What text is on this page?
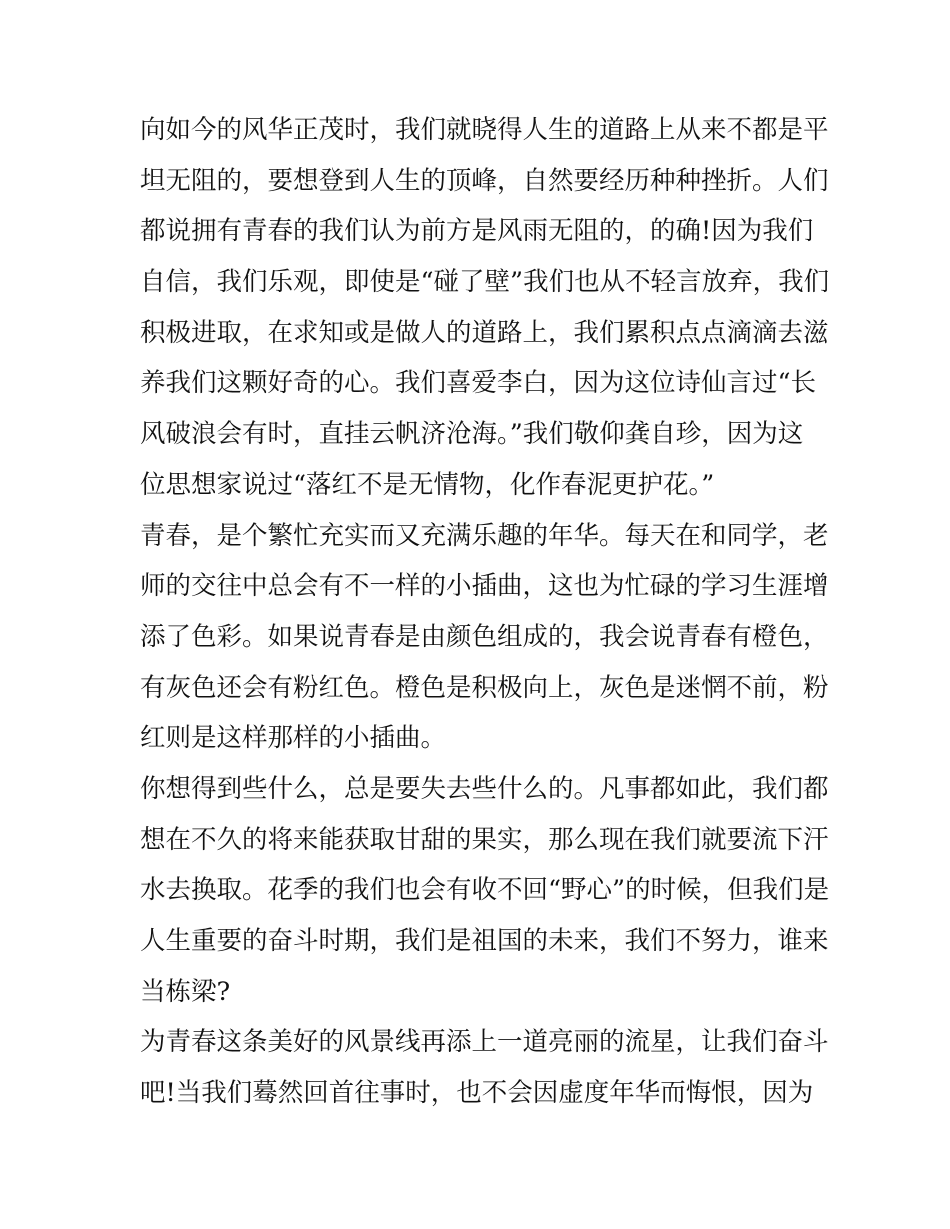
向如今的风华正茂时，我们就晓得人生的道路上从来不都是平
坦无阻的，要想登到人生的顶峰，自然要经历种种挫折。人们
都说拥有青春的我们认为前方是风雨无阻的，的确!因为我们
自信，我们乐观，即使是“碰了壁”我们也从不轻言放弃，我们
积极进取，在求知或是做人的道路上，我们累积点点滴滴去滋
养我们这颗好奇的心。我们喜爱李白，因为这位诗仙言过“长
风破浪会有时，直挂云帆济沧海。”我们敬仰龚自珍，因为这
位思想家说过“落红不是无情物，化作春泥更护花。”
青春，是个繁忙充实而又充满乐趣的年华。每天在和同学，老
师的交往中总会有不一样的小插曲，这也为忙碌的学习生涯增
添了色彩。如果说青春是由颜色组成的，我会说青春有橙色，
有灰色还会有粉红色。橙色是积极向上，灰色是迷惘不前，粉
红则是这样那样的小插曲。
你想得到些什么，总是要失去些什么的。凡事都如此，我们都
想在不久的将来能获取甘甜的果实，那么现在我们就要流下汗
水去换取。花季的我们也会有收不回“野心”的时候，但我们是
人生重要的奋斗时期，我们是祖国的未来，我们不努力，谁来
当栋梁?
为青春这条美好的风景线再添上一道亮丽的流星，让我们奋斗
吧!当我们蓦然回首往事时，也不会因虚度年华而悔恨，因为
